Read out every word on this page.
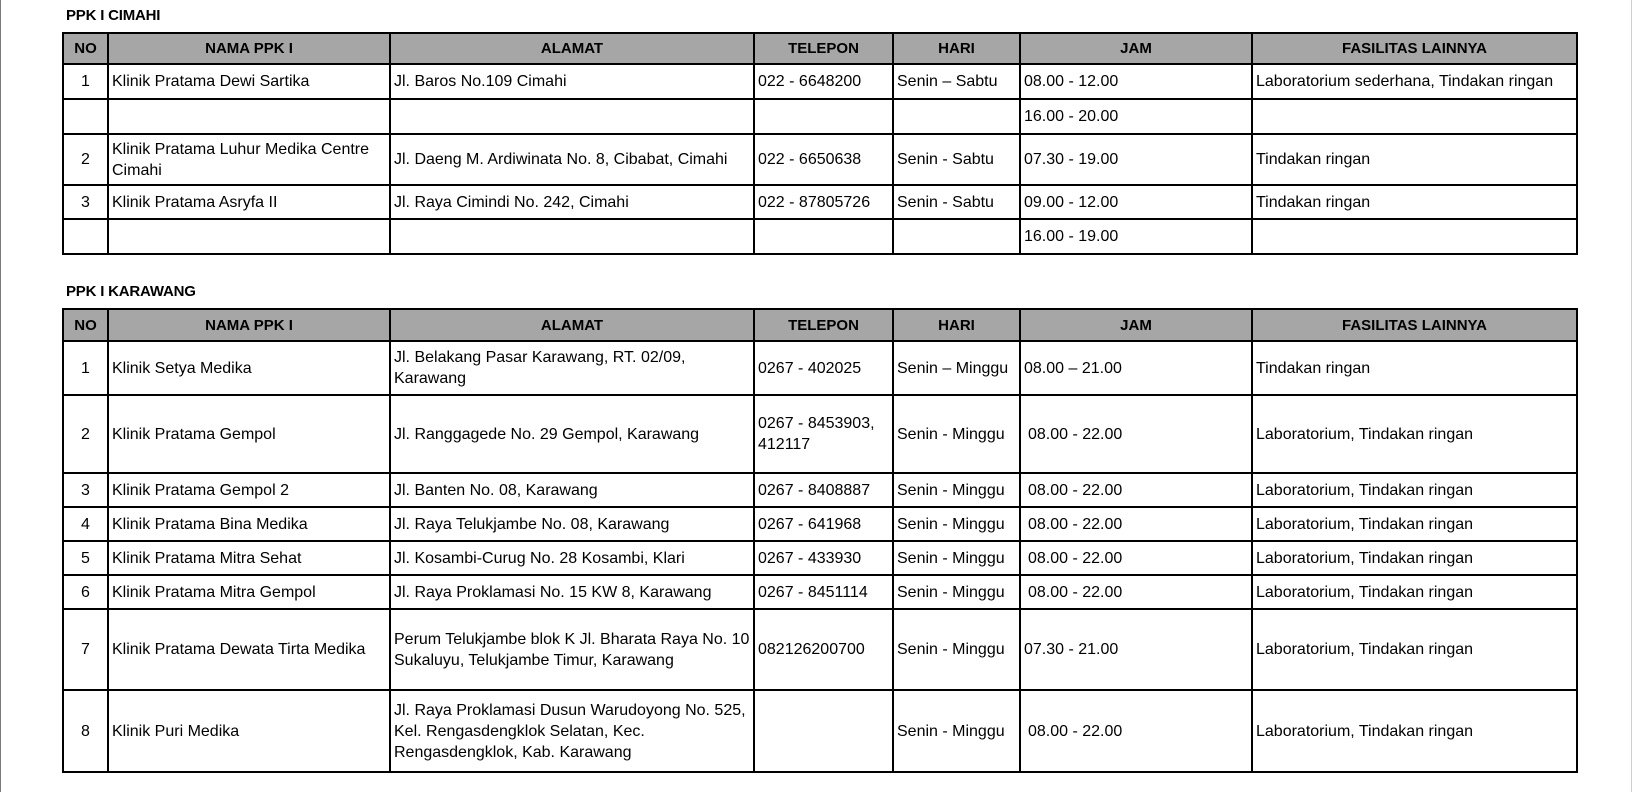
PPK I CIMAHI
NO	NAMA PPK I	ALAMAT	TELEPON	HARI	JAM	FASILITAS LAINNYA
1	Klinik Pratama Dewi Sartika	Jl. Baros No.109 Cimahi	022 - 6648200	Senin – Sabtu	08.00 - 12.00	Laboratorium sederhana, Tindakan ringan
					16.00 - 20.00	
2	Klinik Pratama Luhur Medika Centre Cimahi	Jl. Daeng M. Ardiwinata No. 8, Cibabat, Cimahi	022 - 6650638	Senin - Sabtu	07.30 - 19.00	Tindakan ringan
3	Klinik Pratama Asryfa II	Jl. Raya Cimindi No. 242, Cimahi	022 - 87805726	Senin - Sabtu	09.00 - 12.00	Tindakan ringan
					16.00 - 19.00	
PPK I KARAWANG
NO	NAMA PPK I	ALAMAT	TELEPON	HARI	JAM	FASILITAS LAINNYA
1	Klinik Setya Medika	Jl. Belakang Pasar Karawang, RT. 02/09, Karawang	0267 - 402025	Senin – Minggu	08.00 – 21.00	Tindakan ringan
2	Klinik Pratama Gempol	Jl. Ranggagede No. 29 Gempol, Karawang	0267 - 8453903, 412117	Senin - Minggu	08.00 - 22.00	Laboratorium, Tindakan ringan
3	Klinik Pratama Gempol 2	Jl. Banten No. 08, Karawang	0267 - 8408887	Senin - Minggu	08.00 - 22.00	Laboratorium, Tindakan ringan
4	Klinik Pratama Bina Medika	Jl. Raya Telukjambe No. 08, Karawang	0267 - 641968	Senin - Minggu	08.00 - 22.00	Laboratorium, Tindakan ringan
5	Klinik Pratama Mitra Sehat	Jl. Kosambi-Curug No. 28 Kosambi, Klari	0267 - 433930	Senin - Minggu	08.00 - 22.00	Laboratorium, Tindakan ringan
6	Klinik Pratama Mitra Gempol	Jl. Raya Proklamasi No. 15 KW 8, Karawang	0267 - 8451114	Senin - Minggu	08.00 - 22.00	Laboratorium, Tindakan ringan
7	Klinik Pratama Dewata Tirta Medika	Perum Telukjambe blok K Jl. Bharata Raya No. 10 Sukaluyu, Telukjambe Timur, Karawang	082126200700	Senin - Minggu	07.30 - 21.00	Laboratorium, Tindakan ringan
8	Klinik Puri Medika	Jl. Raya Proklamasi Dusun Warudoyong No. 525, Kel. Rengasdengklok Selatan, Kec. Rengasdengklok, Kab. Karawang		Senin - Minggu	08.00 - 22.00	Laboratorium, Tindakan ringan
